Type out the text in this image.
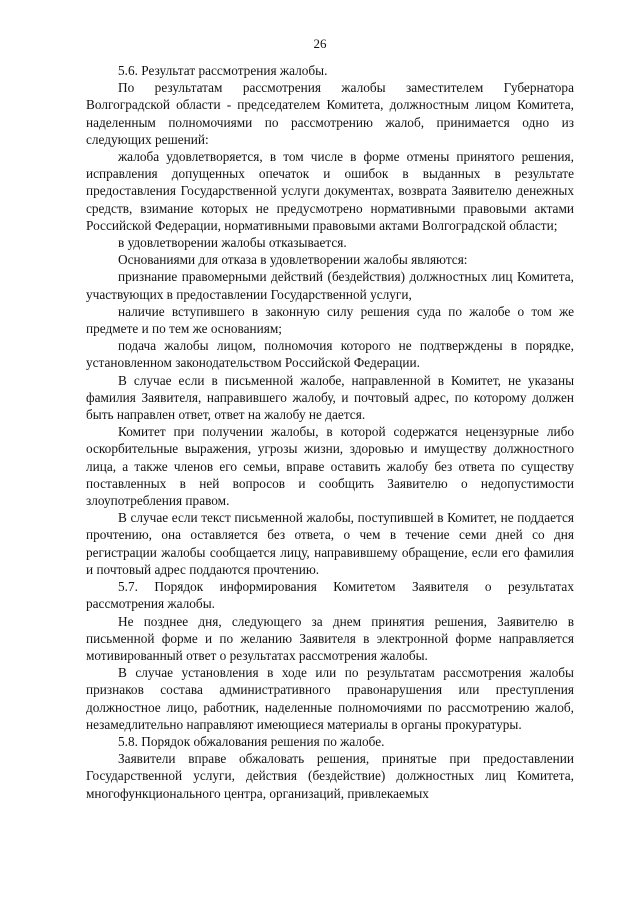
26

5.6. Результат рассмотрения жалобы.

По результатам рассмотрения жалобы заместителем Губернатора Волгоградской области - председателем Комитета, должностным лицом Комитета, наделенным полномочиями по рассмотрению жалоб, принимается одно из следующих решений:

жалоба удовлетворяется, в том числе в форме отмены принятого решения, исправления допущенных опечаток и ошибок в выданных в результате предоставления Государственной услуги документах, возврата Заявителю денежных средств, взимание которых не предусмотрено нормативными правовыми актами Российской Федерации, нормативными правовыми актами Волгоградской области;

в удовлетворении жалобы отказывается.

Основаниями для отказа в удовлетворении жалобы являются:

признание правомерными действий (бездействия) должностных лиц Комитета, участвующих в предоставлении Государственной услуги,

наличие вступившего в законную силу решения суда по жалобе о том же предмете и по тем же основаниям;

подача жалобы лицом, полномочия которого не подтверждены в порядке, установленном законодательством Российской Федерации.

В случае если в письменной жалобе, направленной в Комитет, не указаны фамилия Заявителя, направившего жалобу, и почтовый адрес, по которому должен быть направлен ответ, ответ на жалобу не дается.

Комитет при получении жалобы, в которой содержатся нецензурные либо оскорбительные выражения, угрозы жизни, здоровью и имуществу должностного лица, а также членов его семьи, вправе оставить жалобу без ответа по существу поставленных в ней вопросов и сообщить Заявителю о недопустимости злоупотребления правом.

В случае если текст письменной жалобы, поступившей в Комитет, не поддается прочтению, она оставляется без ответа, о чем в течение семи дней со дня регистрации жалобы сообщается лицу, направившему обращение, если его фамилия и почтовый адрес поддаются прочтению.

5.7. Порядок информирования Комитетом Заявителя о результатах рассмотрения жалобы.

Не позднее дня, следующего за днем принятия решения, Заявителю в письменной форме и по желанию Заявителя в электронной форме направляется мотивированный ответ о результатах рассмотрения жалобы.

В случае установления в ходе или по результатам рассмотрения жалобы признаков состава административного правонарушения или преступления должностное лицо, работник, наделенные полномочиями по рассмотрению жалоб, незамедлительно направляют имеющиеся материалы в органы прокуратуры.

5.8. Порядок обжалования решения по жалобе.

Заявители вправе обжаловать решения, принятые при предоставлении Государственной услуги, действия (бездействие) должностных лиц Комитета, многофункционального центра, организаций, привлекаемых
